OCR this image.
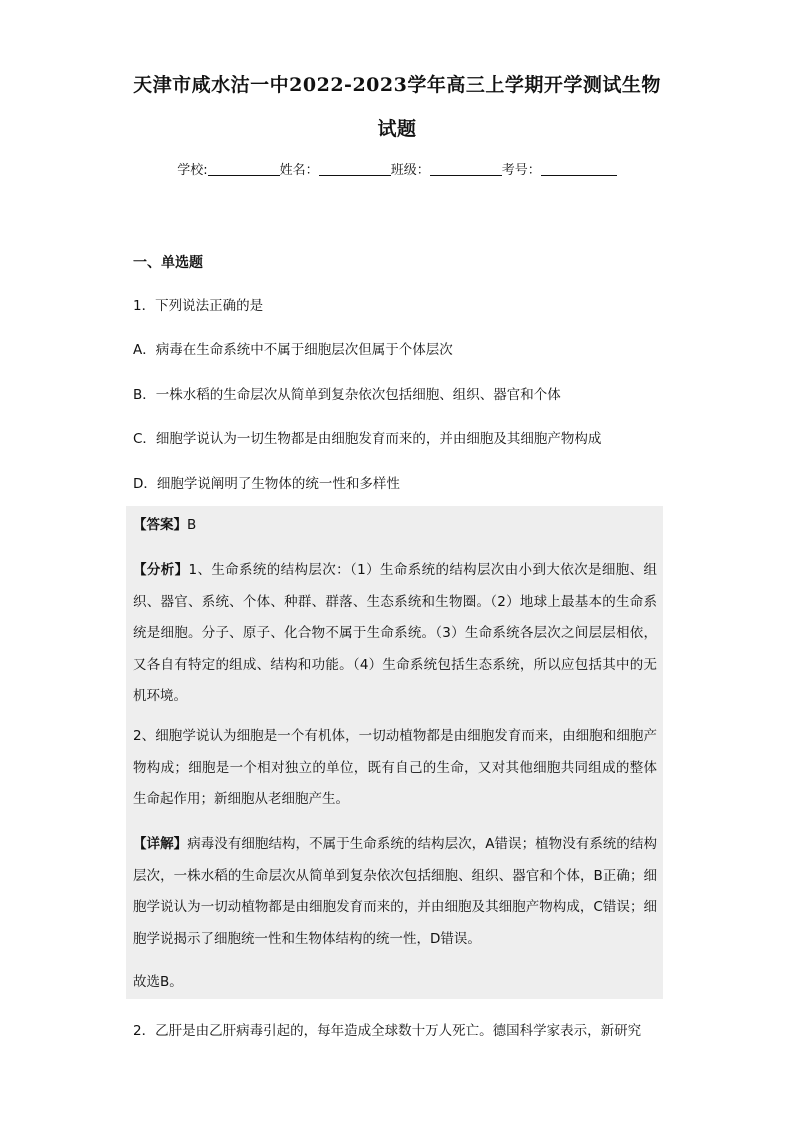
天津市咸水沽一中2022-2023学年高三上学期开学测试生物
试题
学校:	姓名：	班级：	考号：
一、单选题
1．下列说法正确的是
A．病毒在生命系统中不属于细胞层次但属于个体层次
B．一株水稻的生命层次从简单到复杂依次包括细胞、组织、器官和个体
C．细胞学说认为一切生物都是由细胞发育而来的，并由细胞及其细胞产物构成
D．细胞学说阐明了生物体的统一性和多样性
【答案】B
【分析】1、生命系统的结构层次：（1）生命系统的结构层次由小到大依次是细胞、组织、器官、系统、个体、种群、群落、生态系统和生物圈。（2）地球上最基本的生命系统是细胞。分子、原子、化合物不属于生命系统。（3）生命系统各层次之间层层相依，又各自有特定的组成、结构和功能。（4）生命系统包括生态系统，所以应包括其中的无机环境。
2、细胞学说认为细胞是一个有机体，一切动植物都是由细胞发育而来，由细胞和细胞产物构成；细胞是一个相对独立的单位，既有自己的生命，又对其他细胞共同组成的整体生命起作用；新细胞从老细胞产生。
【详解】病毒没有细胞结构，不属于生命系统的结构层次，A错误；植物没有系统的结构层次，一株水稻的生命层次从简单到复杂依次包括细胞、组织、器官和个体，B正确；细胞学说认为一切动植物都是由细胞发育而来的，并由细胞及其细胞产物构成，C错误；细胞学说揭示了细胞统一性和生物体结构的统一性，D错误。
故选B。
2．乙肝是由乙肝病毒引起的，每年造成全球数十万人死亡。德国科学家表示，新研究
